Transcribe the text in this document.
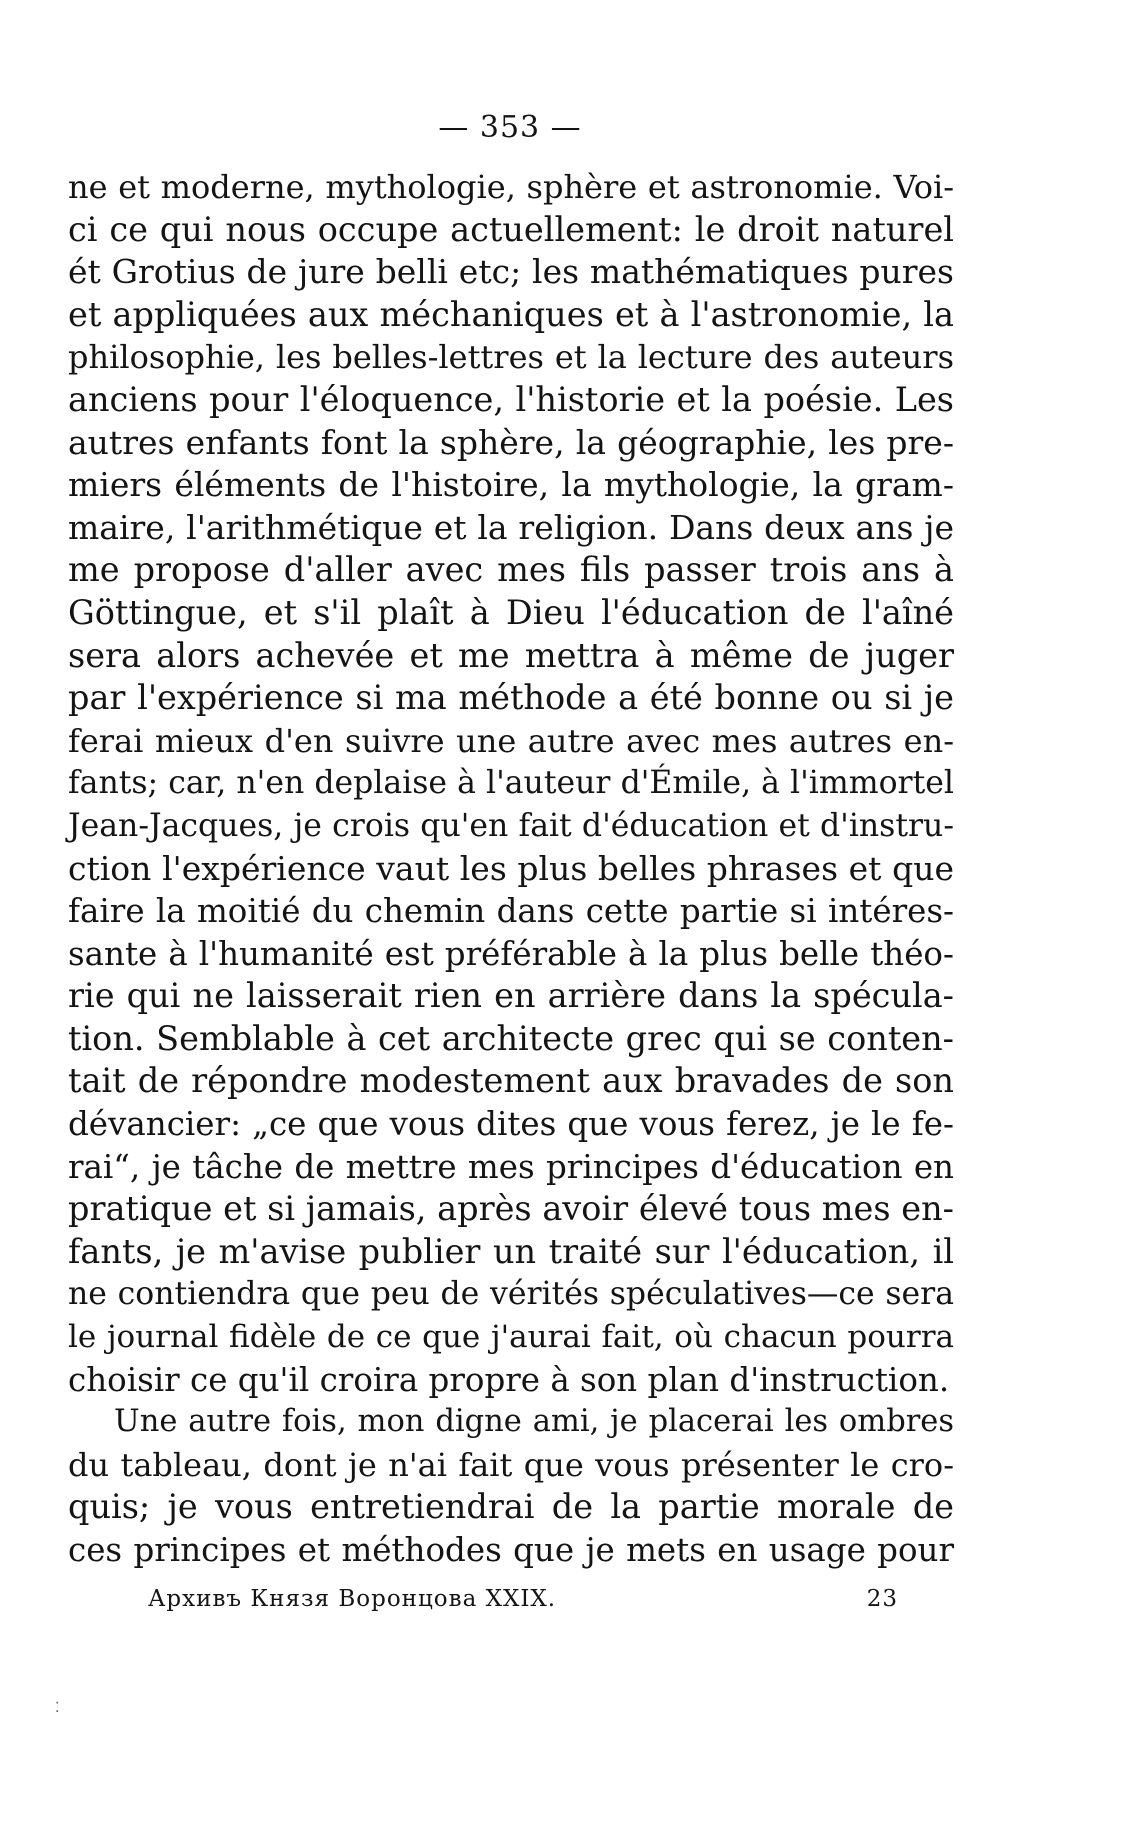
— 353 —
ne et moderne, mythologie, sphère et astronomie. Voi-
ci ce qui nous occupe actuellement: le droit naturel
ét Grotius de jure belli etc; les mathématiques pures
et appliquées aux méchaniques et à l'astronomie, la
philosophie, les belles-lettres et la lecture des auteurs
anciens pour l'éloquence, l'historie et la poésie. Les
autres enfants font la sphère, la géographie, les pre-
miers éléments de l'histoire, la mythologie, la gram-
maire, l'arithmétique et la religion. Dans deux ans je
me propose d'aller avec mes fils passer trois ans à
Göttingue, et s'il plaît à Dieu l'éducation de l'aîné
sera alors achevée et me mettra à même de juger
par l'expérience si ma méthode a été bonne ou si je
ferai mieux d'en suivre une autre avec mes autres en-
fants; car, n'en deplaise à l'auteur d'Émile, à l'immortel
Jean-Jacques, je crois qu'en fait d'éducation et d'instru-
ction l'expérience vaut les plus belles phrases et que
faire la moitié du chemin dans cette partie si intéres-
sante à l'humanité est préférable à la plus belle théo-
rie qui ne laisserait rien en arrière dans la spécula-
tion. Semblable à cet architecte grec qui se conten-
tait de répondre modestement aux bravades de son
dévancier: „ce que vous dites que vous ferez, je le fe-
rai“, je tâche de mettre mes principes d'éducation en
pratique et si jamais, après avoir élevé tous mes en-
fants, je m'avise publier un traité sur l'éducation, il
ne contiendra que peu de vérités spéculatives—ce sera
le journal fidèle de ce que j'aurai fait, où chacun pourra
choisir ce qu'il croira propre à son plan d'instruction.
Une autre fois, mon digne ami, je placerai les ombres
du tableau, dont je n'ai fait que vous présenter le cro-
quis; je vous entretiendrai de la partie morale de
ces principes et méthodes que je mets en usage pour
Архивъ Князя Воронцова XXIX.	23
⁚
